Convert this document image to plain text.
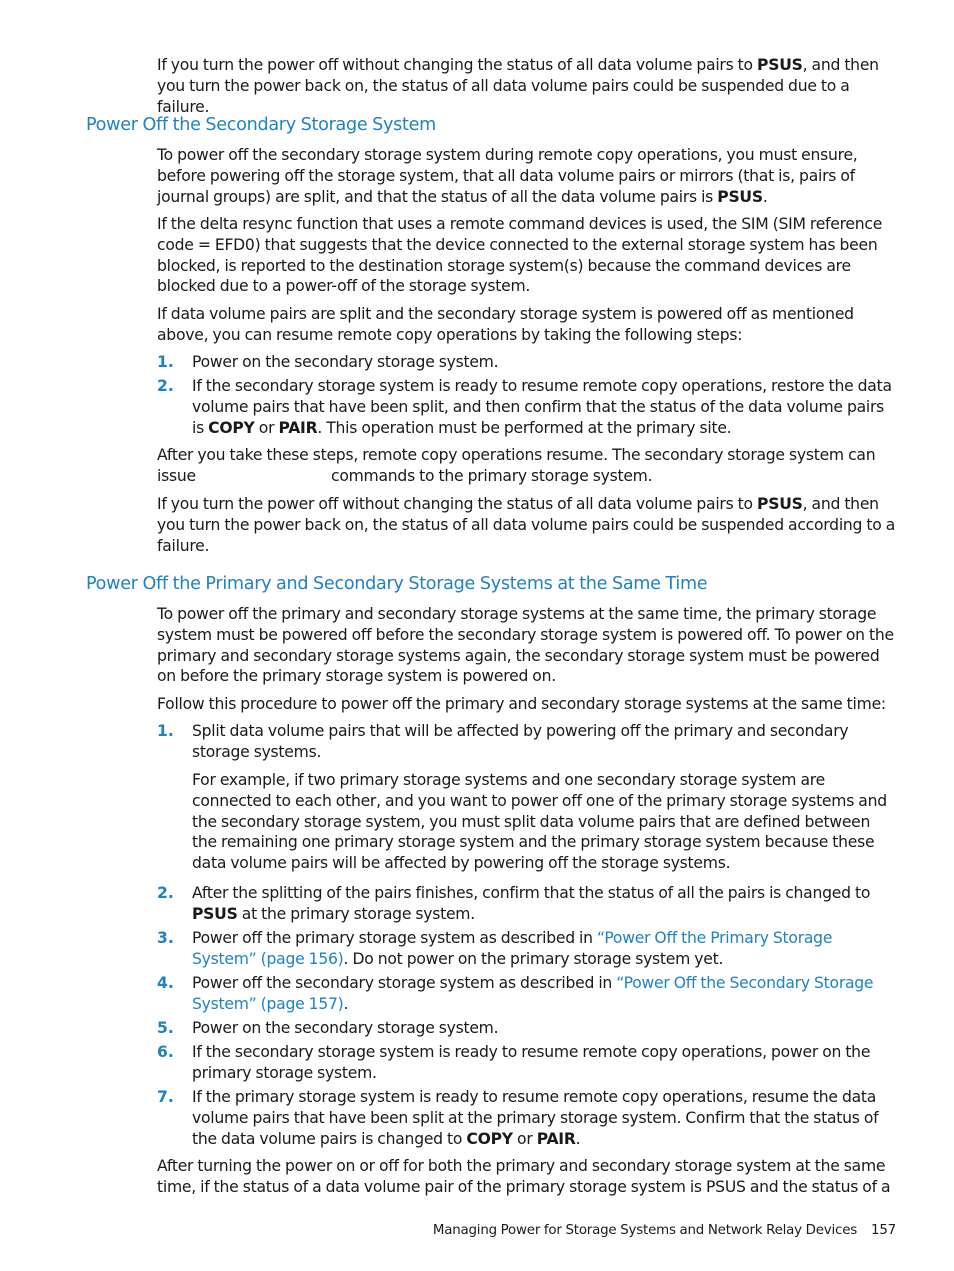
If you turn the power off without changing the status of all data volume pairs to PSUS, and then you turn the power back on, the status of all data volume pairs could be suspended due to a failure.

Power Off the Secondary Storage System

To power off the secondary storage system during remote copy operations, you must ensure, before powering off the storage system, that all data volume pairs or mirrors (that is, pairs of journal groups) are split, and that the status of all the data volume pairs is PSUS.

If the delta resync function that uses a remote command devices is used, the SIM (SIM reference code = EFD0) that suggests that the device connected to the external storage system has been blocked, is reported to the destination storage system(s) because the command devices are blocked due to a power-off of the storage system.

If data volume pairs are split and the secondary storage system is powered off as mentioned above, you can resume remote copy operations by taking the following steps:

1.	Power on the secondary storage system.
2.	If the secondary storage system is ready to resume remote copy operations, restore the data volume pairs that have been split, and then confirm that the status of the data volume pairs is COPY or PAIR. This operation must be performed at the primary site.

After you take these steps, remote copy operations resume. The secondary storage system can issue	commands to the primary storage system.

If you turn the power off without changing the status of all data volume pairs to PSUS, and then you turn the power back on, the status of all data volume pairs could be suspended according to a failure.

Power Off the Primary and Secondary Storage Systems at the Same Time

To power off the primary and secondary storage systems at the same time, the primary storage system must be powered off before the secondary storage system is powered off. To power on the primary and secondary storage systems again, the secondary storage system must be powered on before the primary storage system is powered on.

Follow this procedure to power off the primary and secondary storage systems at the same time:

1.	Split data volume pairs that will be affected by powering off the primary and secondary storage systems.
For example, if two primary storage systems and one secondary storage system are connected to each other, and you want to power off one of the primary storage systems and the secondary storage system, you must split data volume pairs that are defined between the remaining one primary storage system and the primary storage system because these data volume pairs will be affected by powering off the storage systems.
2.	After the splitting of the pairs finishes, confirm that the status of all the pairs is changed to PSUS at the primary storage system.
3.	Power off the primary storage system as described in “Power Off the Primary Storage System” (page 156). Do not power on the primary storage system yet.
4.	Power off the secondary storage system as described in “Power Off the Secondary Storage System” (page 157).
5.	Power on the secondary storage system.
6.	If the secondary storage system is ready to resume remote copy operations, power on the primary storage system.
7.	If the primary storage system is ready to resume remote copy operations, resume the data volume pairs that have been split at the primary storage system. Confirm that the status of the data volume pairs is changed to COPY or PAIR.

After turning the power on or off for both the primary and secondary storage system at the same time, if the status of a data volume pair of the primary storage system is PSUS and the status of a

Managing Power for Storage Systems and Network Relay Devices 157
